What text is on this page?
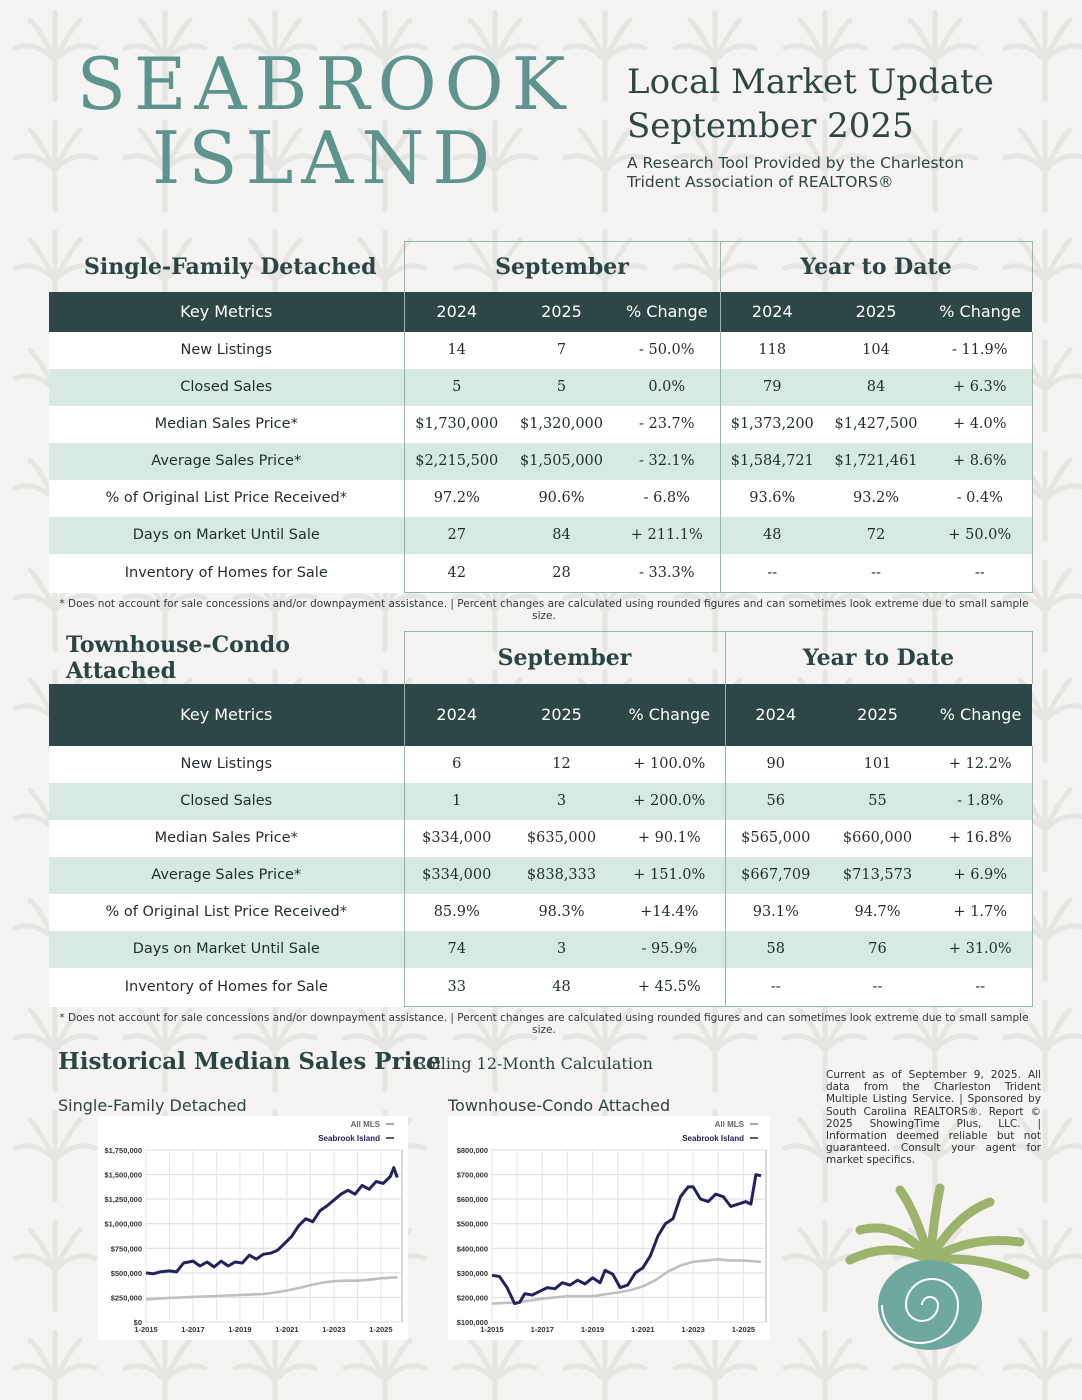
SEABROOK
ISLAND
Local Market Update
September 2025

A Research Tool Provided by the Charleston
Trident Association of REALTORS®

Single-Family Detached	September			Year to Date		
Key Metrics	2024	2025	% Change	2024	2025	% Change
New Listings	14	7	- 50.0%	118	104	- 11.9%
Closed Sales	5	5	0.0%	79	84	+ 6.3%
Median Sales Price*	$1,730,000	$1,320,000	- 23.7%	$1,373,200	$1,427,500	+ 4.0%
Average Sales Price*	$2,215,500	$1,505,000	- 32.1%	$1,584,721	$1,721,461	+ 8.6%
% of Original List Price Received*	97.2%	90.6%	- 6.8%	93.6%	93.2%	- 0.4%
Days on Market Until Sale	27	84	+ 211.1%	48	72	+ 50.0%
Inventory of Homes for Sale	42	28	- 33.3%	--	--	--
* Does not account for sale concessions and/or downpayment assistance. | Percent changes are calculated using rounded figures and can sometimes look extreme due to small sample size.
Townhouse-Condo Attached	September			Year to Date		
Key Metrics	2024	2025	% Change	2024	2025	% Change
New Listings	6	12	+ 100.0%	90	101	+ 12.2%
Closed Sales	1	3	+ 200.0%	56	55	- 1.8%
Median Sales Price*	$334,000	$635,000	+ 90.1%	$565,000	$660,000	+ 16.8%
Average Sales Price*	$334,000	$838,333	+ 151.0%	$667,709	$713,573	+ 6.9%
% of Original List Price Received*	85.9%	98.3%	+14.4%	93.1%	94.7%	+ 1.7%
Days on Market Until Sale	74	3	- 95.9%	58	76	+ 31.0%
Inventory of Homes for Sale	33	48	+ 45.5%	--	--	--
* Does not account for sale concessions and/or downpayment assistance. | Percent changes are calculated using rounded figures and can sometimes look extreme due to small sample size.
Historical Median Sales Price
Rolling 12-Month Calculation
Single-Family Detached	Townhouse-Condo Attached
$0
$250,000
$500,000
$750,000
$1,000,000
$1,250,000
$1,500,000
$1,750,000
1-2015	1-2017	1-2019	1-2021	1-2023	1-2025
All MLS
Seabrook Island
$100,000
$200,000
$300,000
$400,000
$500,000
$600,000
$700,000
$800,000
1-2015	1-2017	1-2019	1-2021	1-2023	1-2025
All MLS
Seabrook Island
Current as of September 9, 2025. All data from the Charleston Trident Multiple Listing Service. | Sponsored by South Carolina REALTORS®. Report © 2025 ShowingTime Plus, LLC. | Information deemed reliable but not guaranteed. Consult your agent for market specifics.
